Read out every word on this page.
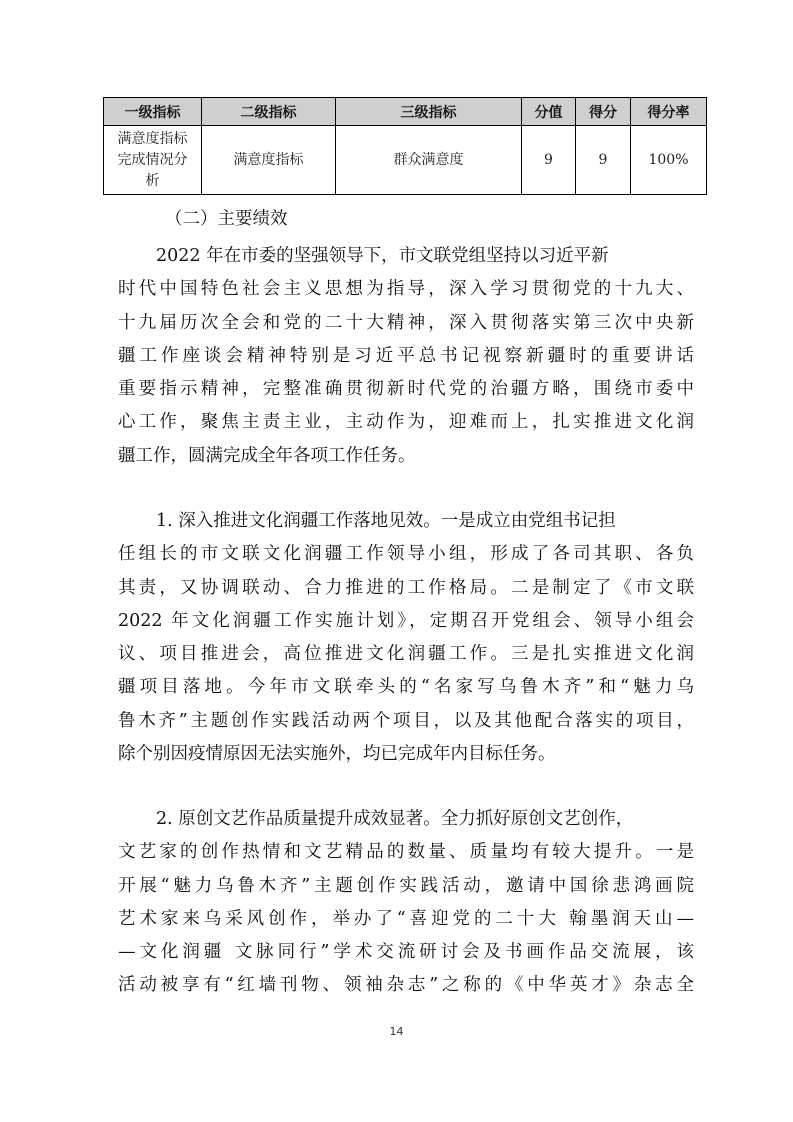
一级指标	二级指标	三级指标	分值	得分	得分率

满意度指标
完成情况分
析	满意度指标	群众满意度	9	9	100%
（二）主要绩效
2022 年在市委的坚强领导下，市文联党组坚持以习近平新
时代中国特色社会主义思想为指导，深入学习贯彻党的十九大、
十九届历次全会和党的二十大精神，深入贯彻落实第三次中央新
疆工作座谈会精神特别是习近平总书记视察新疆时的重要讲话
重要指示精神，完整准确贯彻新时代党的治疆方略，围绕市委中
心工作，聚焦主责主业，主动作为，迎难而上，扎实推进文化润
疆工作，圆满完成全年各项工作任务。
1. 深入推进文化润疆工作落地见效。一是成立由党组书记担
任组长的市文联文化润疆工作领导小组，形成了各司其职、各负
其责，又协调联动、合力推进的工作格局。二是制定了《市文联
2022 年文化润疆工作实施计划》，定期召开党组会、领导小组会
议、项目推进会，高位推进文化润疆工作。三是扎实推进文化润
疆项目落地。今年市文联牵头的“名家写乌鲁木齐”和“魅力乌
鲁木齐”主题创作实践活动两个项目，以及其他配合落实的项目，
除个别因疫情原因无法实施外，均已完成年内目标任务。
2. 原创文艺作品质量提升成效显著。全力抓好原创文艺创作，
文艺家的创作热情和文艺精品的数量、质量均有较大提升。一是
开展“魅力乌鲁木齐”主题创作实践活动，邀请中国徐悲鸿画院
艺术家来乌采风创作，举办了“喜迎党的二十大 翰墨润天山—
—文化润疆 文脉同行”学术交流研讨会及书画作品交流展，该
活动被享有“红墙刊物、领袖杂志”之称的《中华英才》杂志全
14
